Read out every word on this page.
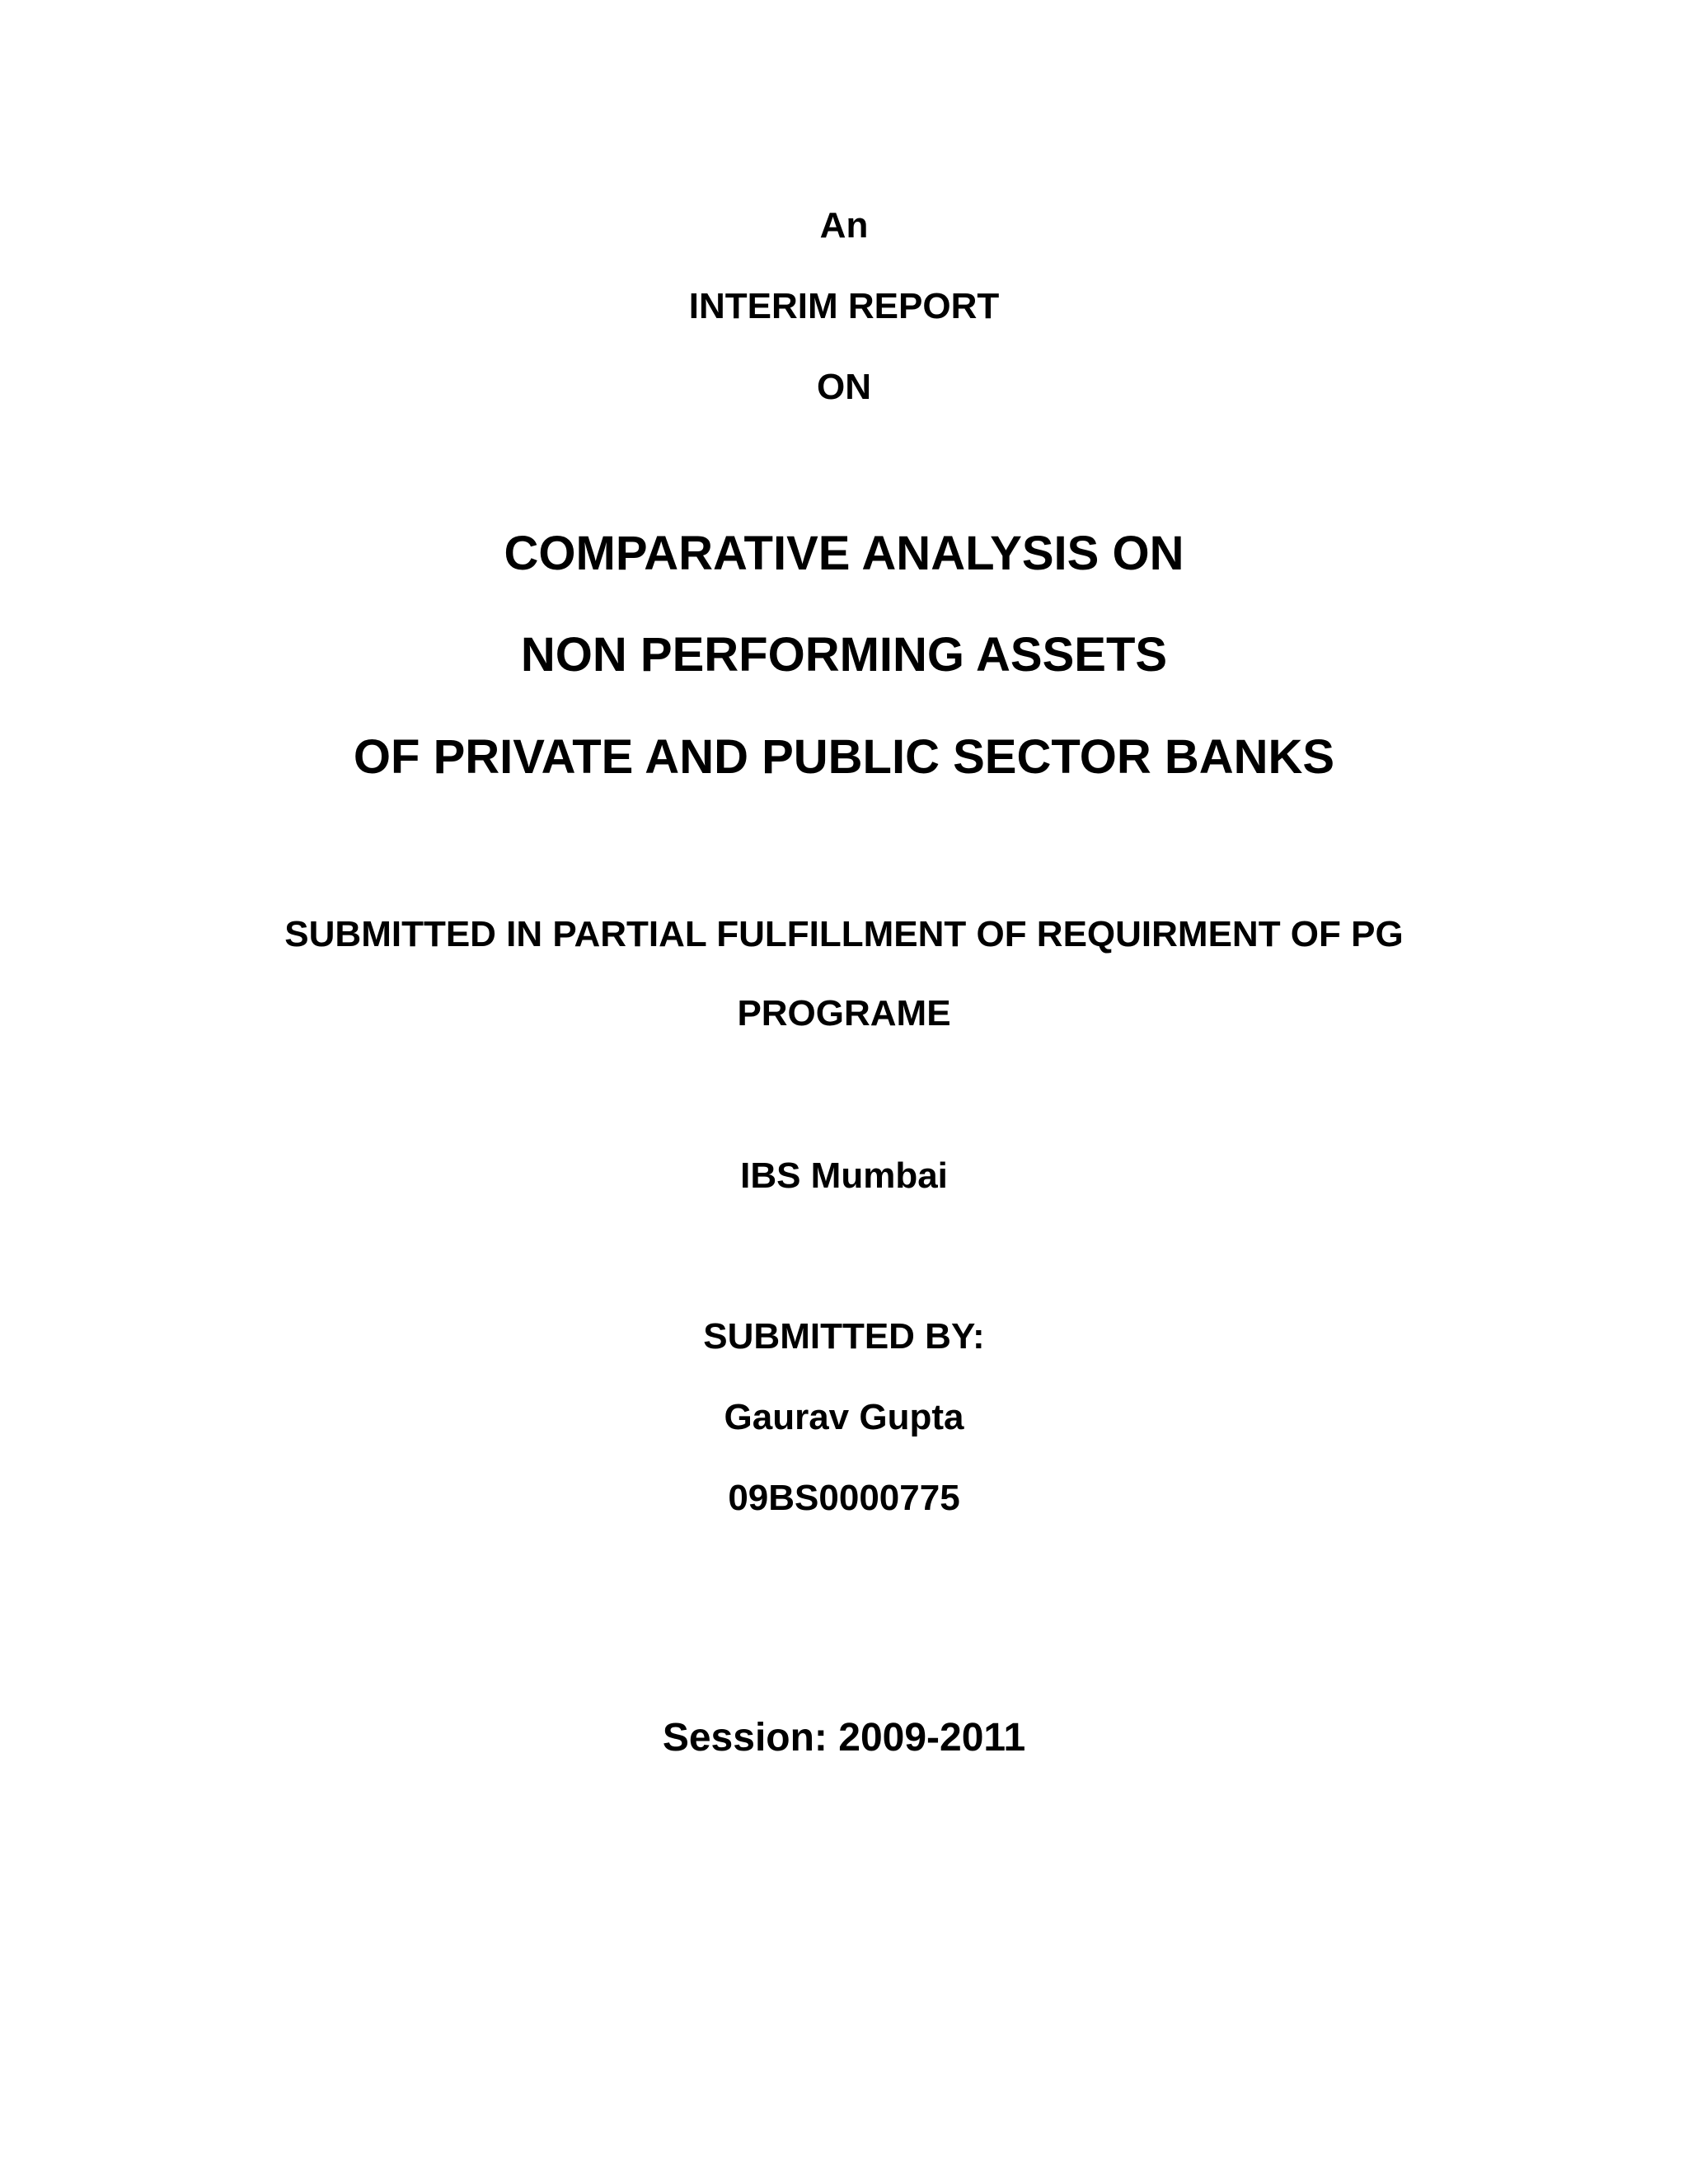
An
INTERIM REPORT
ON
COMPARATIVE ANALYSIS ON
NON PERFORMING ASSETS
OF PRIVATE AND PUBLIC SECTOR BANKS
SUBMITTED IN PARTIAL FULFILLMENT OF REQUIRMENT OF PG
PROGRAME
IBS Mumbai
SUBMITTED BY:
Gaurav Gupta
09BS0000775
Session: 2009-2011
